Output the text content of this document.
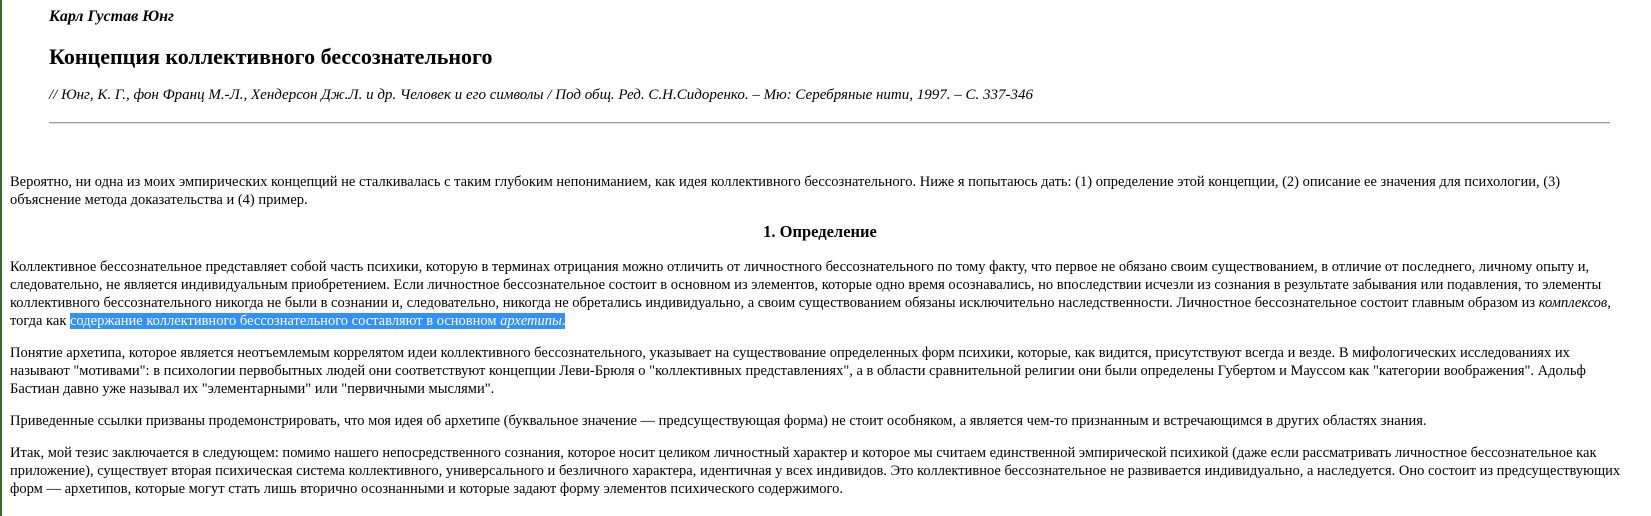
Карл Густав Юнг
Концепция коллективного бессознательного
// Юнг, К. Г., фон Франц М.-Л., Хендерсон Дж.Л. и др. Человек и его символы / Под общ. Ред. С.Н.Сидоренко. – Мю: Серебряные нити, 1997. – С. 337-346

Вероятно, ни одна из моих эмпирических концепций не сталкивалась с таким глубоким непониманием, как идея коллективного бессознательного. Ниже я попытаюсь дать: (1) определение этой концепции, (2) описание ее значения для психологии, (3) объяснение метода доказательства и (4) пример.

1. Определение

Коллективное бессознательное представляет собой часть психики, которую в терминах отрицания можно отличить от личностного бессознательного по тому факту, что первое не обязано своим существованием, в отличие от последнего, личному опыту и, следовательно, не является индивидуальным приобретением. Если личностное бессознательное состоит в основном из элементов, которые одно время осознавались, но впоследствии исчезли из сознания в результате забывания или подавления, то элементы коллективного бессознательного никогда не были в сознании и, следовательно, никогда не обретались индивидуально, а своим существованием обязаны исключительно наследственности. Личностное бессознательное состоит главным образом из комплексов, тогда как содержание коллективного бессознательного составляют в основном архетипы.

Понятие архетипа, которое является неотъемлемым коррелятом идеи коллективного бессознательного, указывает на существование определенных форм психики, которые, как видится, присутствуют всегда и везде. В мифологических исследованиях их называют "мотивами": в психологии первобытных людей они соответствуют концепции Леви-Брюля о "коллективных представлениях", а в области сравнительной религии они были определены Губертом и Мауссом как "категории воображения". Адольф Бастиан давно уже называл их "элементарными" или "первичными мыслями".

Приведенные ссылки призваны продемонстрировать, что моя идея об архетипе (буквальное значение — предсуществующая форма) не стоит особняком, а является чем-то признанным и встречающимся в других областях знания.

Итак, мой тезис заключается в следующем: помимо нашего непосредственного сознания, которое носит целиком личностный характер и которое мы считаем единственной эмпирической психикой (даже если рассматривать личностное бессознательное как приложение), существует вторая психическая система коллективного, универсального и безличного характера, идентичная у всех индивидов. Это коллективное бессознательное не развивается индивидуально, а наследуется. Оно состоит из предсуществующих форм — архетипов, которые могут стать лишь вторично осознанными и которые задают форму элементов психического содержимого.
